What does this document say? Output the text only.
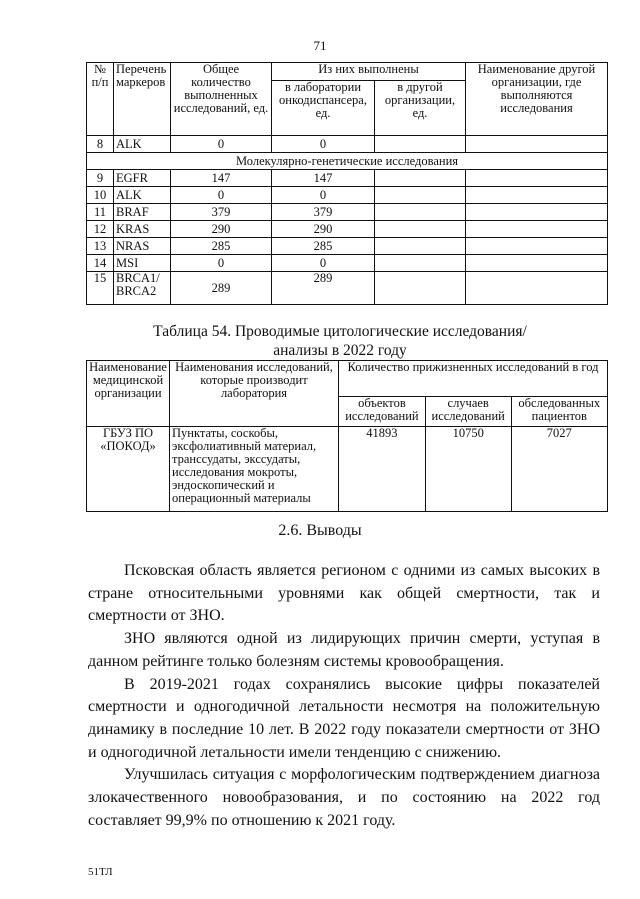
71
№ п/п	Перечень маркеров	Общее количество выполненных исследований, ед.	Из них выполнены		Наименование другой организации, где выполняются исследования
			в лаборатории онкодиспансера, ед.	в другой организации, ед.	
8	ALK	0	0		
Молекулярно-генетические исследования					
9	EGFR	147	147		
10	ALK	0	0		
11	BRAF	379	379		
12	KRAS	290	290		
13	NRAS	285	285		
14	MSI	0	0		
15	BRCA1/ BRCA2	289	289		
Таблица 54. Проводимые цитологические исследования/
анализы в 2022 году
Наименование медицинской организации	Наименования исследований, которые производит лаборатория	Количество прижизненных исследований в год		
		объектов исследований	случаев исследований	обследованных пациентов
ГБУЗ ПО «ПОКОД»	Пунктаты, соскобы, эксфолиативный материал, транссудаты, экссудаты, исследования мокроты, эндоскопический и операционный материалы	41893	10750	7027
2.6. Выводы

Псковская область является регионом с одними из самых высоких в стране относительными уровнями как общей смертности, так и смертности от ЗНО.

ЗНО являются одной из лидирующих причин смерти, уступая в данном рейтинге только болезням системы кровообращения.

В 2019-2021 годах сохранялись высокие цифры показателей смертности и одногодичной летальности несмотря на положительную динамику в последние 10 лет. В 2022 году показатели смертности от ЗНО и одногодичной летальности имели тенденцию с снижению.

Улучшилась ситуация с морфологическим подтверждением диагноза злокачественного новообразования, и по состоянию на 2022 год составляет 99,9% по отношению к 2021 году.

51ТЛ
